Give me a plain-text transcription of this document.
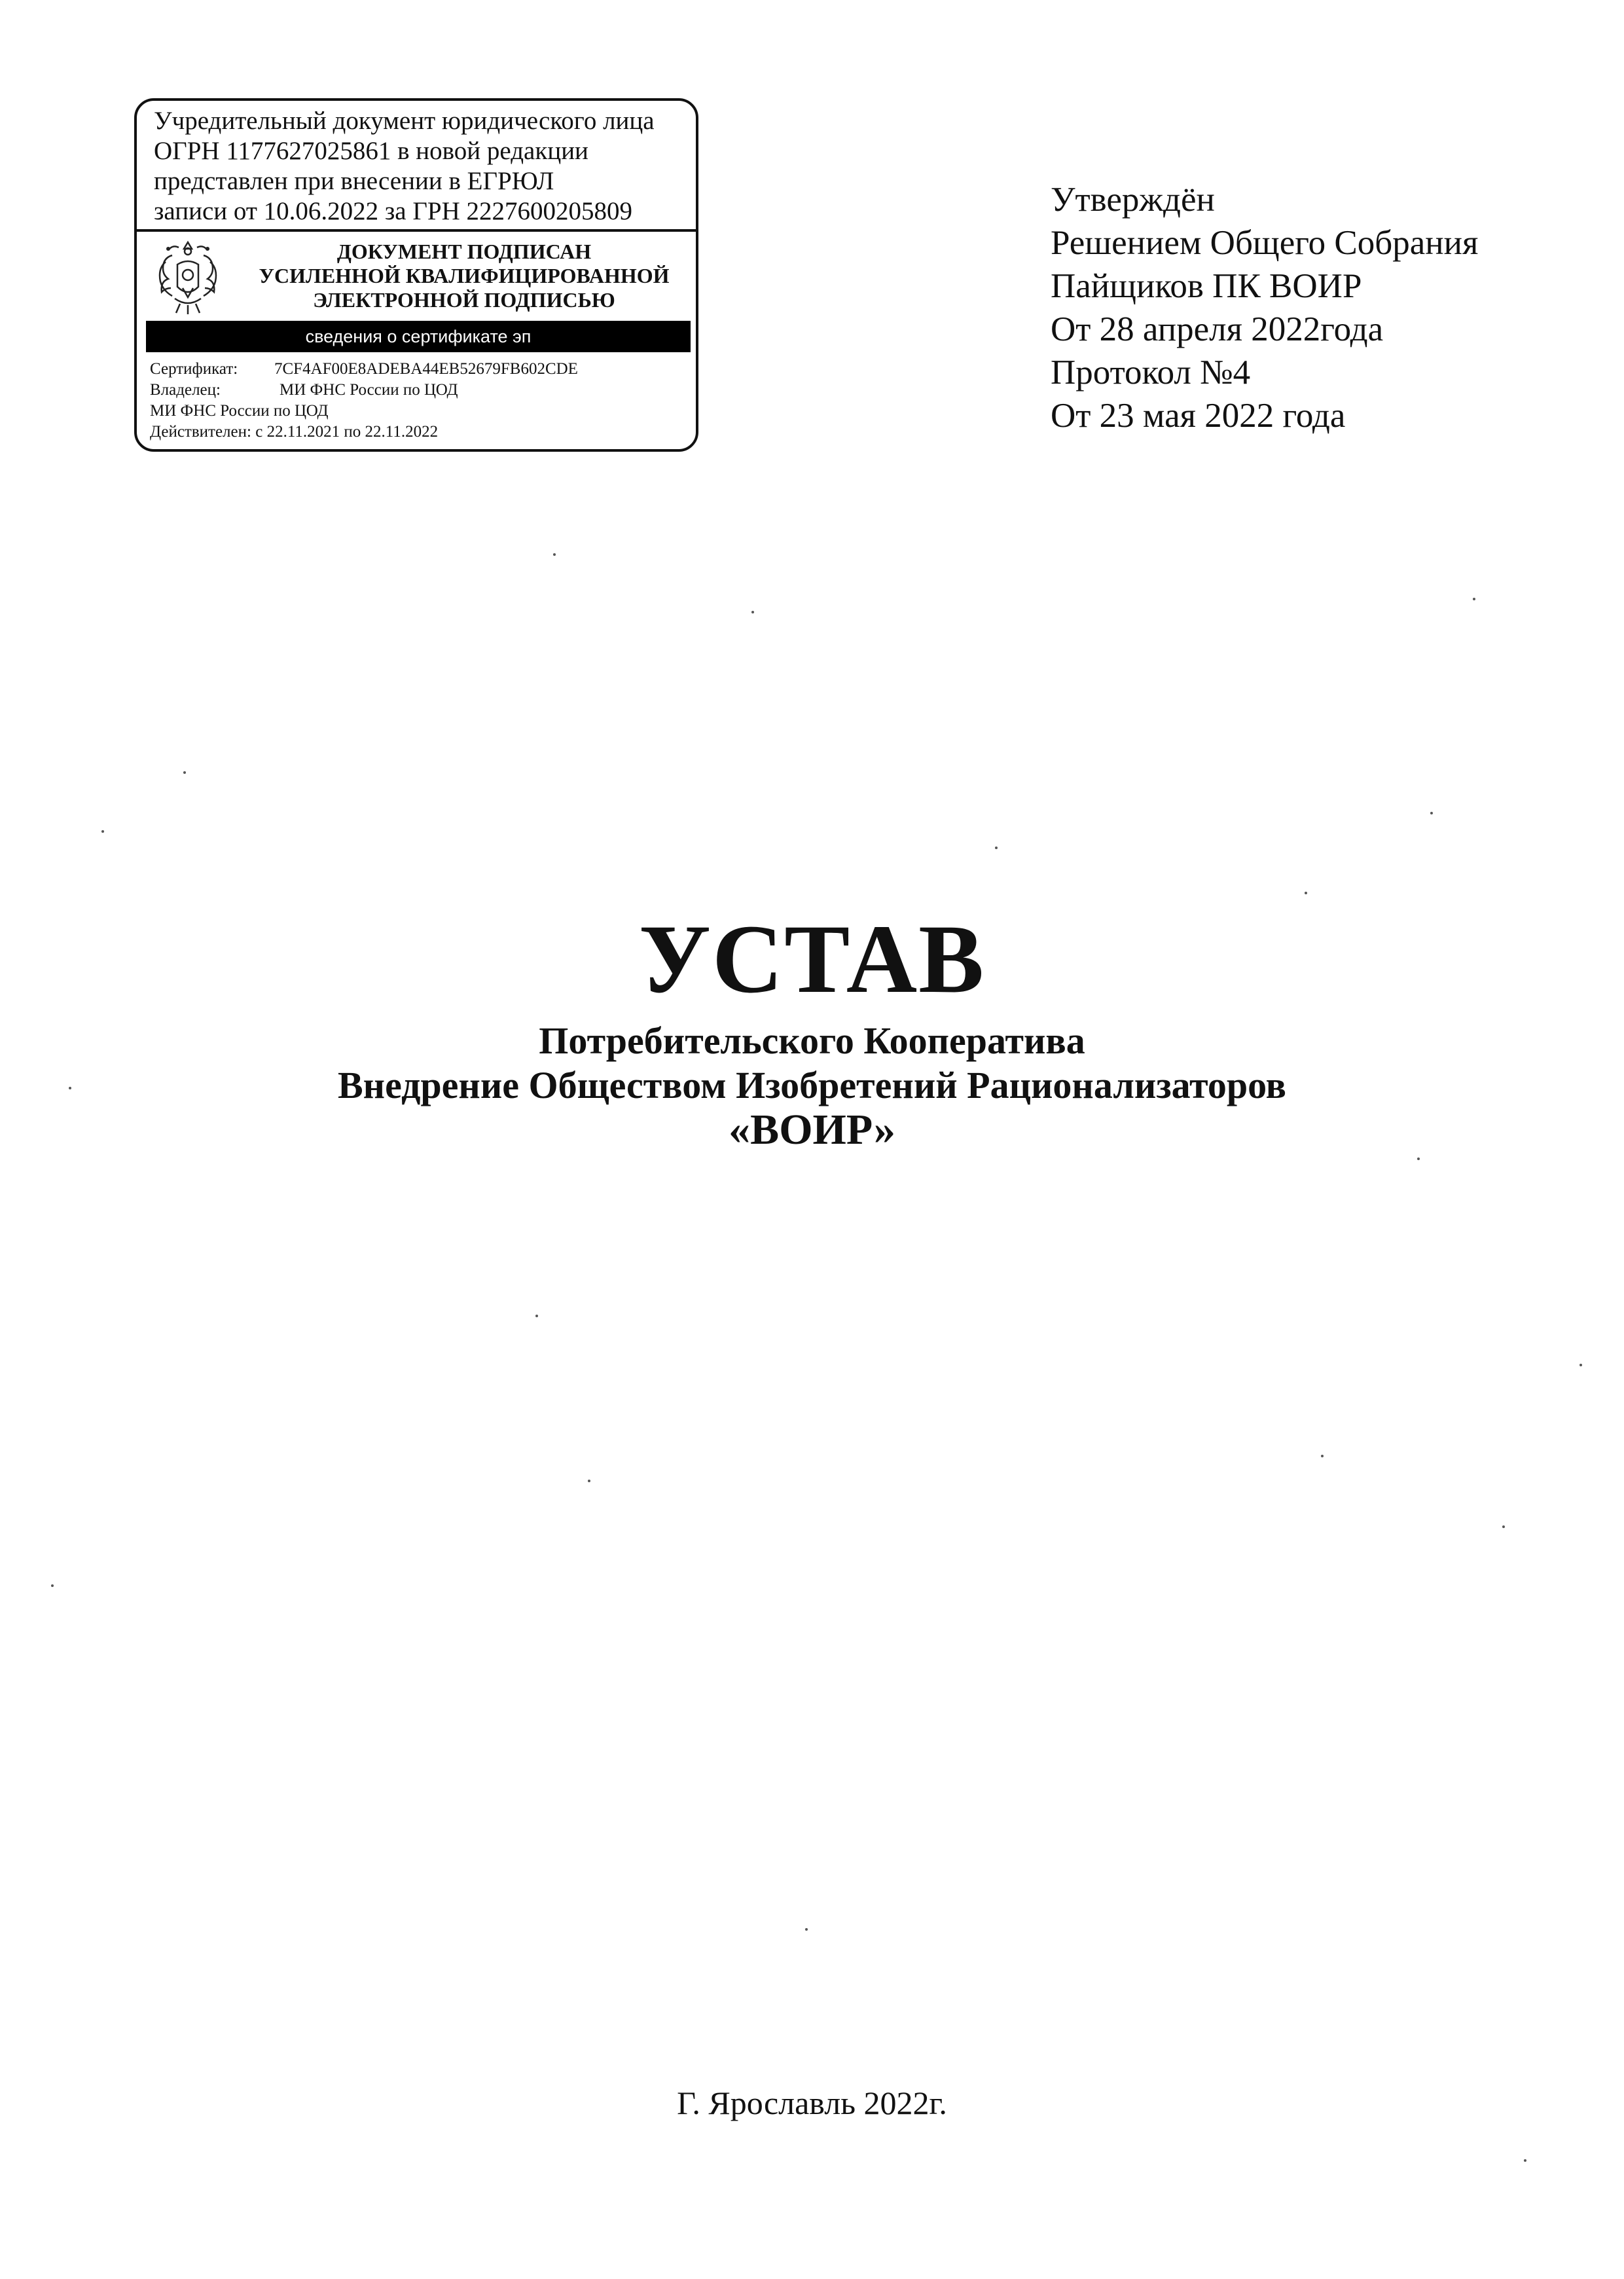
Учредительный документ юридического лица
ОГРН 1177627025861 в новой редакции
представлен при внесении в ЕГРЮЛ
записи от 10.06.2022 за ГРН 2227600205809
ДОКУМЕНТ ПОДПИСАН
УСИЛЕННОЙ КВАЛИФИЦИРОВАННОЙ
ЭЛЕКТРОННОЙ ПОДПИСЬЮ
сведения о сертификате эп
Сертификат:	7CF4AF00E8ADEBA44EB52679FB602CDE
Владелец:	МИ ФНС России по ЦОД
МИ ФНС России по ЦОД
Действителен:
с 22.11.2021 по 22.11.2022
Утверждён
Решением Общего Собрания
Пайщиков ПК ВОИР
От 28 апреля 2022года
Протокол №4
От 23 мая 2022 года
УСТАВ
Потребительского Кооператива
Внедрение Обществом Изобретений Рационализаторов
«ВОИР»
Г. Ярославль 2022г.
